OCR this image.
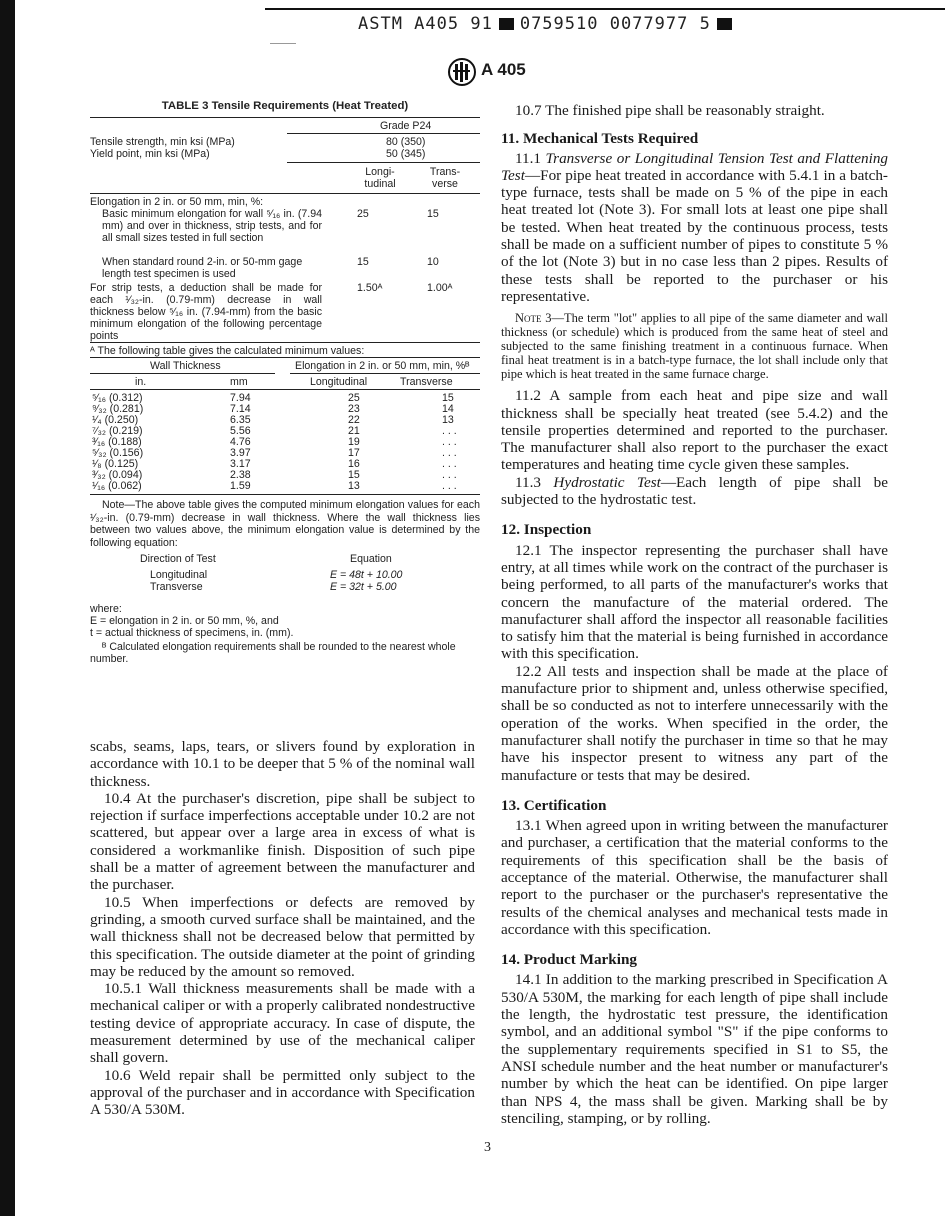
ASTM A405 91 0759510 0077977 5
A 405
TABLE 3 Tensile Requirements (Heat Treated)
Grade P24
Tensile strength, min ksi (MPa)	80 (350)
Yield point, min ksi (MPa)	50 (345)
Longi-
tudinal
Trans-
verse
Elongation in 2 in. or 50 mm, min, %:
Basic minimum elongation for wall ⁵⁄₁₆ in. (7.94 mm) and over in thickness, strip tests, and for all small sizes tested in full section
25	15
When standard round 2-in. or 50-mm gage length test specimen is used
15	10
For strip tests, a deduction shall be made for each ¹⁄₃₂-in. (0.79-mm) decrease in wall thickness below ⁵⁄₁₆ in. (7.94-mm) from the basic minimum elongation of the following percentage points
1.50ᴬ	1.00ᴬ
ᴬ The following table gives the calculated minimum values:
Wall Thickness	Elongation in 2 in. or 50 mm, min, %ᴮ
in.	mm	Longitudinal	Transverse
⁵⁄₁₆ (0.312)	7.94	25	15
⁹⁄₃₂ (0.281)	7.14	23	14
¹⁄₄ (0.250)	6.35	22	13
⁷⁄₃₂ (0.219)	5.56	21	. . .
³⁄₁₆ (0.188)	4.76	19	. . .
⁵⁄₃₂ (0.156)	3.97	17	. . .
¹⁄₈ (0.125)	3.17	16	. . .
³⁄₃₂ (0.094)	2.38	15	. . .
¹⁄₁₆ (0.062)	1.59	13	. . .
Note—The above table gives the computed minimum elongation values for each ¹⁄₃₂-in. (0.79-mm) decrease in wall thickness. Where the wall thickness lies between two values above, the minimum elongation value is determined by the following equation:
Direction of Test	Equation
Longitudinal	E = 48t + 10.00
Transverse	E = 32t + 5.00
where:
E = elongation in 2 in. or 50 mm, %, and
t = actual thickness of specimens, in. (mm).
ᴮ Calculated elongation requirements shall be rounded to the nearest whole number.

scabs, seams, laps, tears, or slivers found by exploration in accordance with 10.1 to be deeper that 5 % of the nominal wall thickness.

10.4 At the purchaser's discretion, pipe shall be subject to rejection if surface imperfections acceptable under 10.2 are not scattered, but appear over a large area in excess of what is considered a workmanlike finish. Disposition of such pipe shall be a matter of agreement between the manufacturer and the purchaser.

10.5 When imperfections or defects are removed by grinding, a smooth curved surface shall be maintained, and the wall thickness shall not be decreased below that permitted by this specification. The outside diameter at the point of grinding may be reduced by the amount so removed.

10.5.1 Wall thickness measurements shall be made with a mechanical caliper or with a properly calibrated nondestructive testing device of appropriate accuracy. In case of dispute, the measurement determined by use of the mechanical caliper shall govern.

10.6 Weld repair shall be permitted only subject to the approval of the purchaser and in accordance with Specification A 530/A 530M.

10.7 The finished pipe shall be reasonably straight.

11. Mechanical Tests Required

11.1 Transverse or Longitudinal Tension Test and Flattening Test—For pipe heat treated in accordance with 5.4.1 in a batch-type furnace, tests shall be made on 5 % of the pipe in each heat treated lot (Note 3). For small lots at least one pipe shall be tested. When heat treated by the continuous process, tests shall be made on a sufficient number of pipes to constitute 5 % of the lot (Note 3) but in no case less than 2 pipes. Results of these tests shall be reported to the purchaser or his representative.

Note 3—The term "lot" applies to all pipe of the same diameter and wall thickness (or schedule) which is produced from the same heat of steel and subjected to the same finishing treatment in a continuous furnace. When final heat treatment is in a batch-type furnace, the lot shall include only that pipe which is heat treated in the same furnace charge.

11.2 A sample from each heat and pipe size and wall thickness shall be specially heat treated (see 5.4.2) and the tensile properties determined and reported to the purchaser. The manufacturer shall also report to the purchaser the exact temperatures and heating time cycle given these samples.

11.3 Hydrostatic Test—Each length of pipe shall be subjected to the hydrostatic test.

12. Inspection

12.1 The inspector representing the purchaser shall have entry, at all times while work on the contract of the purchaser is being performed, to all parts of the manufacturer's works that concern the manufacture of the material ordered. The manufacturer shall afford the inspector all reasonable facilities to satisfy him that the material is being furnished in accordance with this specification.

12.2 All tests and inspection shall be made at the place of manufacture prior to shipment and, unless otherwise specified, shall be so conducted as not to interfere unnecessarily with the operation of the works. When specified in the order, the manufacturer shall notify the purchaser in time so that he may have his inspector present to witness any part of the manufacture or tests that may be desired.

13. Certification

13.1 When agreed upon in writing between the manufacturer and purchaser, a certification that the material conforms to the requirements of this specification shall be the basis of acceptance of the material. Otherwise, the manufacturer shall report to the purchaser or the purchaser's representative the results of the chemical analyses and mechanical tests made in accordance with this specification.

14. Product Marking

14.1 In addition to the marking prescribed in Specification A 530/A 530M, the marking for each length of pipe shall include the length, the hydrostatic test pressure, the identification symbol, and an additional symbol "S" if the pipe conforms to the supplementary requirements specified in S1 to S5, the ANSI schedule number and the heat number or manufacturer's number by which the heat can be identified. On pipe larger than NPS 4, the mass shall be given. Marking shall be by stenciling, stamping, or by rolling.

3
